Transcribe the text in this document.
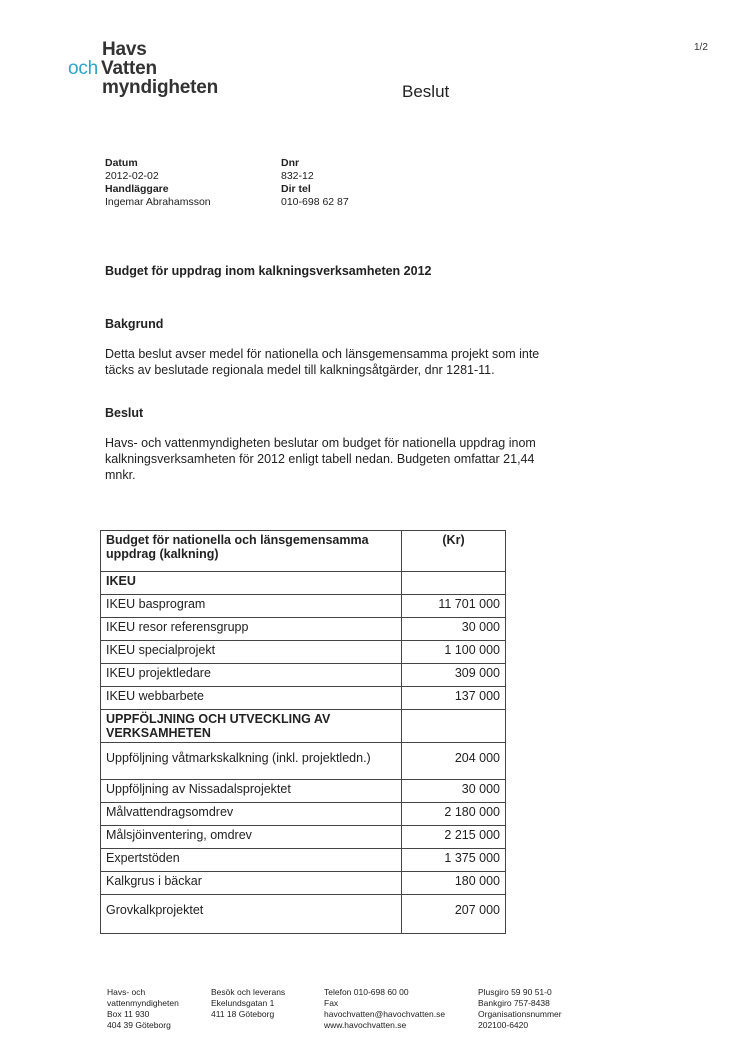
Havs
och Vatten
myndigheten
1/2
Beslut
Datum
2012-02-02
Handläggare
Ingemar Abrahamsson
Dnr
832-12
Dir tel
010-698 62 87
Budget för uppdrag inom kalkningsverksamheten 2012
Bakgrund
Detta beslut avser medel för nationella och länsgemensamma projekt som inte täcks av beslutade regionala medel till kalkningsåtgärder, dnr 1281-11.
Beslut
Havs- och vattenmyndigheten beslutar om budget för nationella uppdrag inom kalkningsverksamheten för 2012 enligt tabell nedan. Budgeten omfattar 21,44 mnkr.
Budget för nationella och länsgemensamma uppdrag (kalkning)	(Kr)
IKEU	
IKEU basprogram	11 701 000
IKEU resor referensgrupp	30 000
IKEU specialprojekt	1 100 000
IKEU projektledare	309 000
IKEU webbarbete	137 000
UPPFÖLJNING OCH UTVECKLING AV VERKSAMHETEN	
Uppföljning våtmarkskalkning (inkl. projektledn.)	204 000
Uppföljning av Nissadalsprojektet	30 000
Målvattendragsomdrev	2 180 000
Målsjöinventering, omdrev	2 215 000
Expertstöden	1 375 000
Kalkgrus i bäckar	180 000
Grovkalkprojektet	207 000
Havs- och
vattenmyndigheten
Box 11 930
404 39 Göteborg
Besök och leverans
Ekelundsgatan 1
411 18 Göteborg
Telefon 010-698 60 00
Fax
havochvatten@havochvatten.se
www.havochvatten.se
Plusgiro 59 90 51-0
Bankgiro 757-8438
Organisationsnummer
202100-6420
